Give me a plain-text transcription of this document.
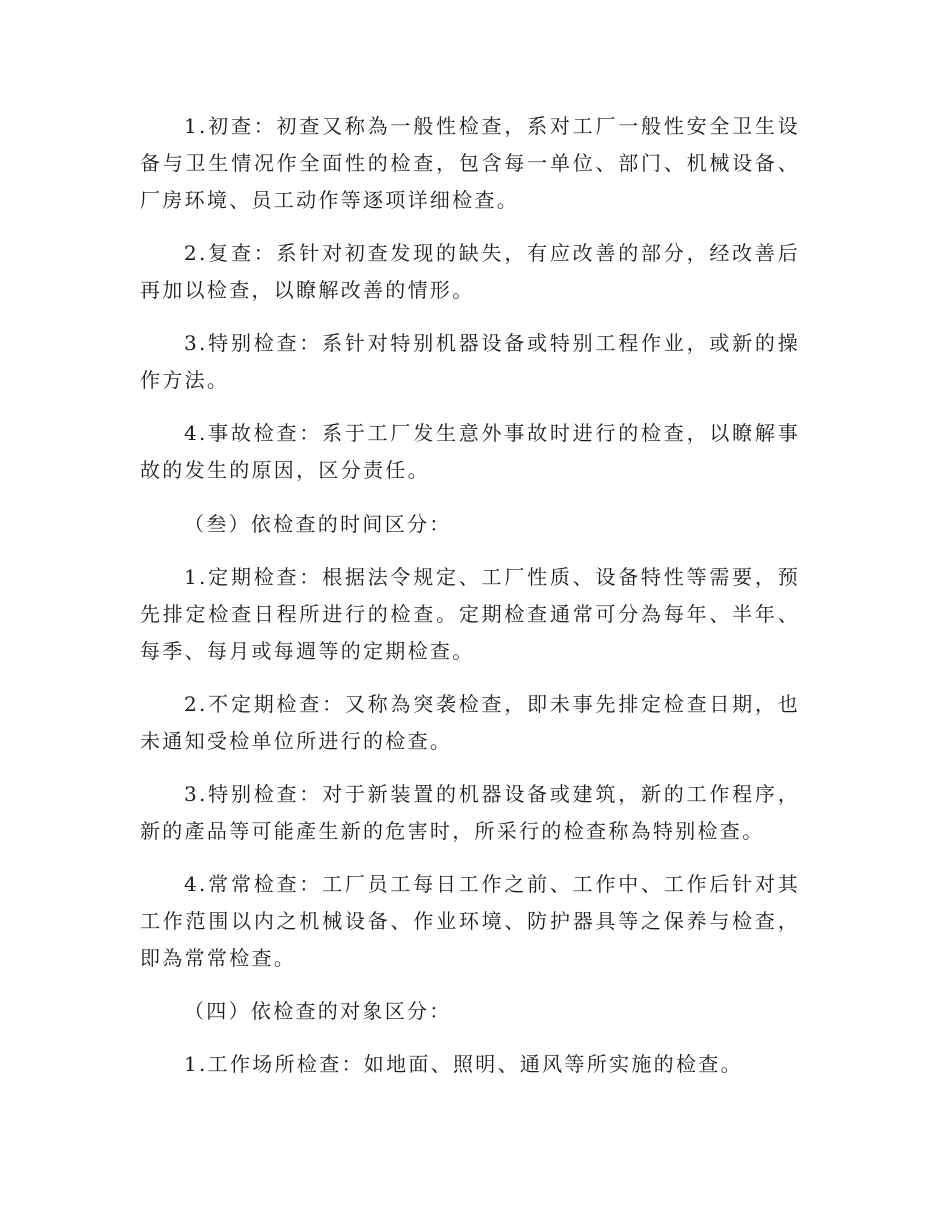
1.初查：初查又称為一般性检查，系对工厂一般性安全卫生设备与卫生情况作全面性的检查，包含每一单位、部门、机械设备、厂房环境、员工动作等逐项详细检查。

2.复查：系针对初查发现的缺失，有应改善的部分，经改善后再加以检查，以瞭解改善的情形。

3.特别检查：系针对特别机器设备或特别工程作业，或新的操作方法。

4.事故检查：系于工厂发生意外事故时进行的检查，以瞭解事故的发生的原因，区分责任。

（叁）依检查的时间区分：

1.定期检查：根据法令规定、工厂性质、设备特性等需要，预先排定检查日程所进行的检查。定期检查通常可分為每年、半年、每季、每月或每週等的定期检查。

2.不定期检查：又称為突袭检查，即未事先排定检查日期，也未通知受检单位所进行的检查。

3.特别检查：对于新装置的机器设备或建筑，新的工作程序，新的產品等可能產生新的危害时，所采行的检查称為特别检查。

4.常常检查：工厂员工每日工作之前、工作中、工作后针对其工作范围以内之机械设备、作业环境、防护器具等之保养与检查，即為常常检查。

（四）依检查的对象区分：

1.工作场所检查：如地面、照明、通风等所实施的检查。
